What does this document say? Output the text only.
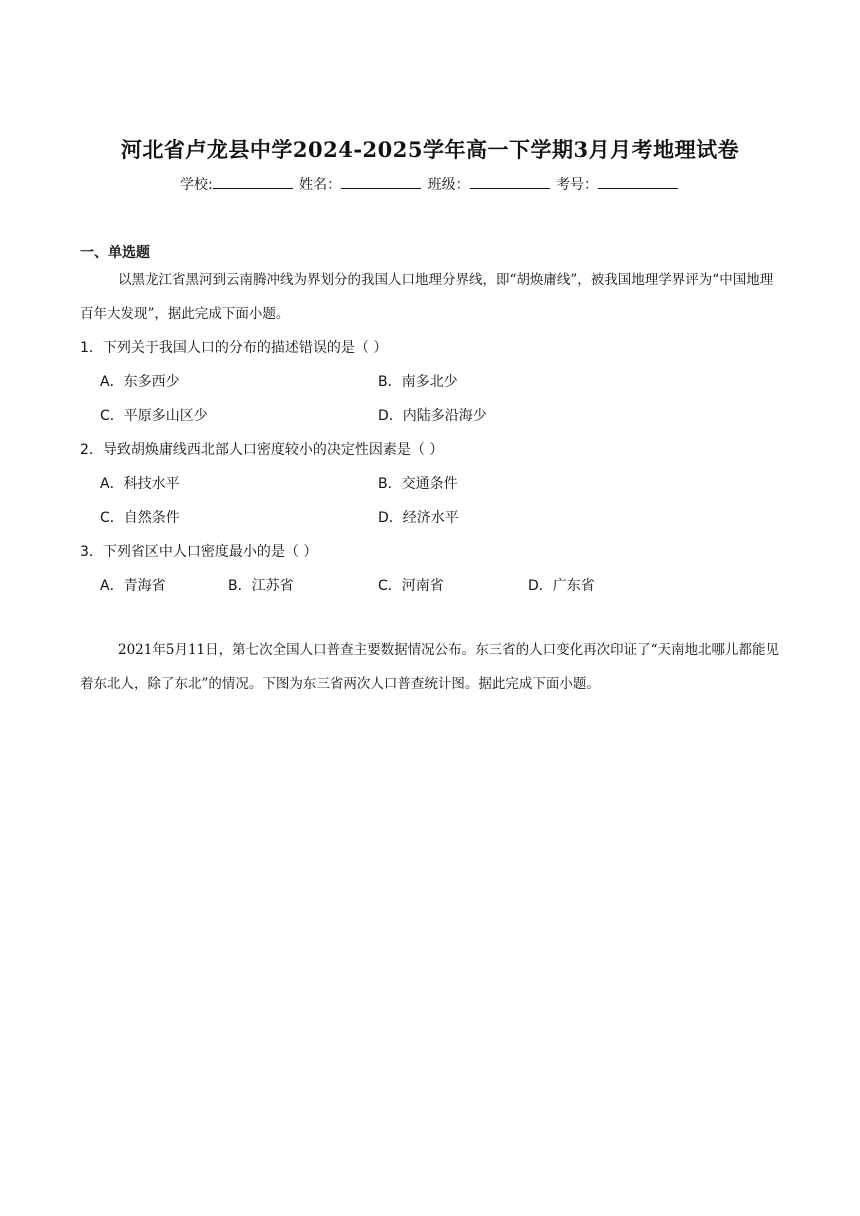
河北省卢龙县中学2024-2025学年高一下学期3月月考地理试卷
学校:	姓名：	班级：	考号：
一、单选题
以黑龙江省黑河到云南腾冲线为界划分的我国人口地理分界线，即“胡焕庸线”，被我国地理学界评为“中国地理百年大发现”，据此完成下面小题。
1．下列关于我国人口的分布的描述错误的是（ ）
A．东多西少	B．南多北少
C．平原多山区少	D．内陆多沿海少
2．导致胡焕庸线西北部人口密度较小的决定性因素是（ ）
A．科技水平	B．交通条件
C．自然条件	D．经济水平
3．下列省区中人口密度最小的是（ ）
A．青海省	B．江苏省	C．河南省	D．广东省
2021年5月11日，第七次全国人口普查主要数据情况公布。东三省的人口变化再次印证了“天南地北哪儿都能见着东北人，除了东北”的情况。下图为东三省两次人口普查统计图。据此完成下面小题。
